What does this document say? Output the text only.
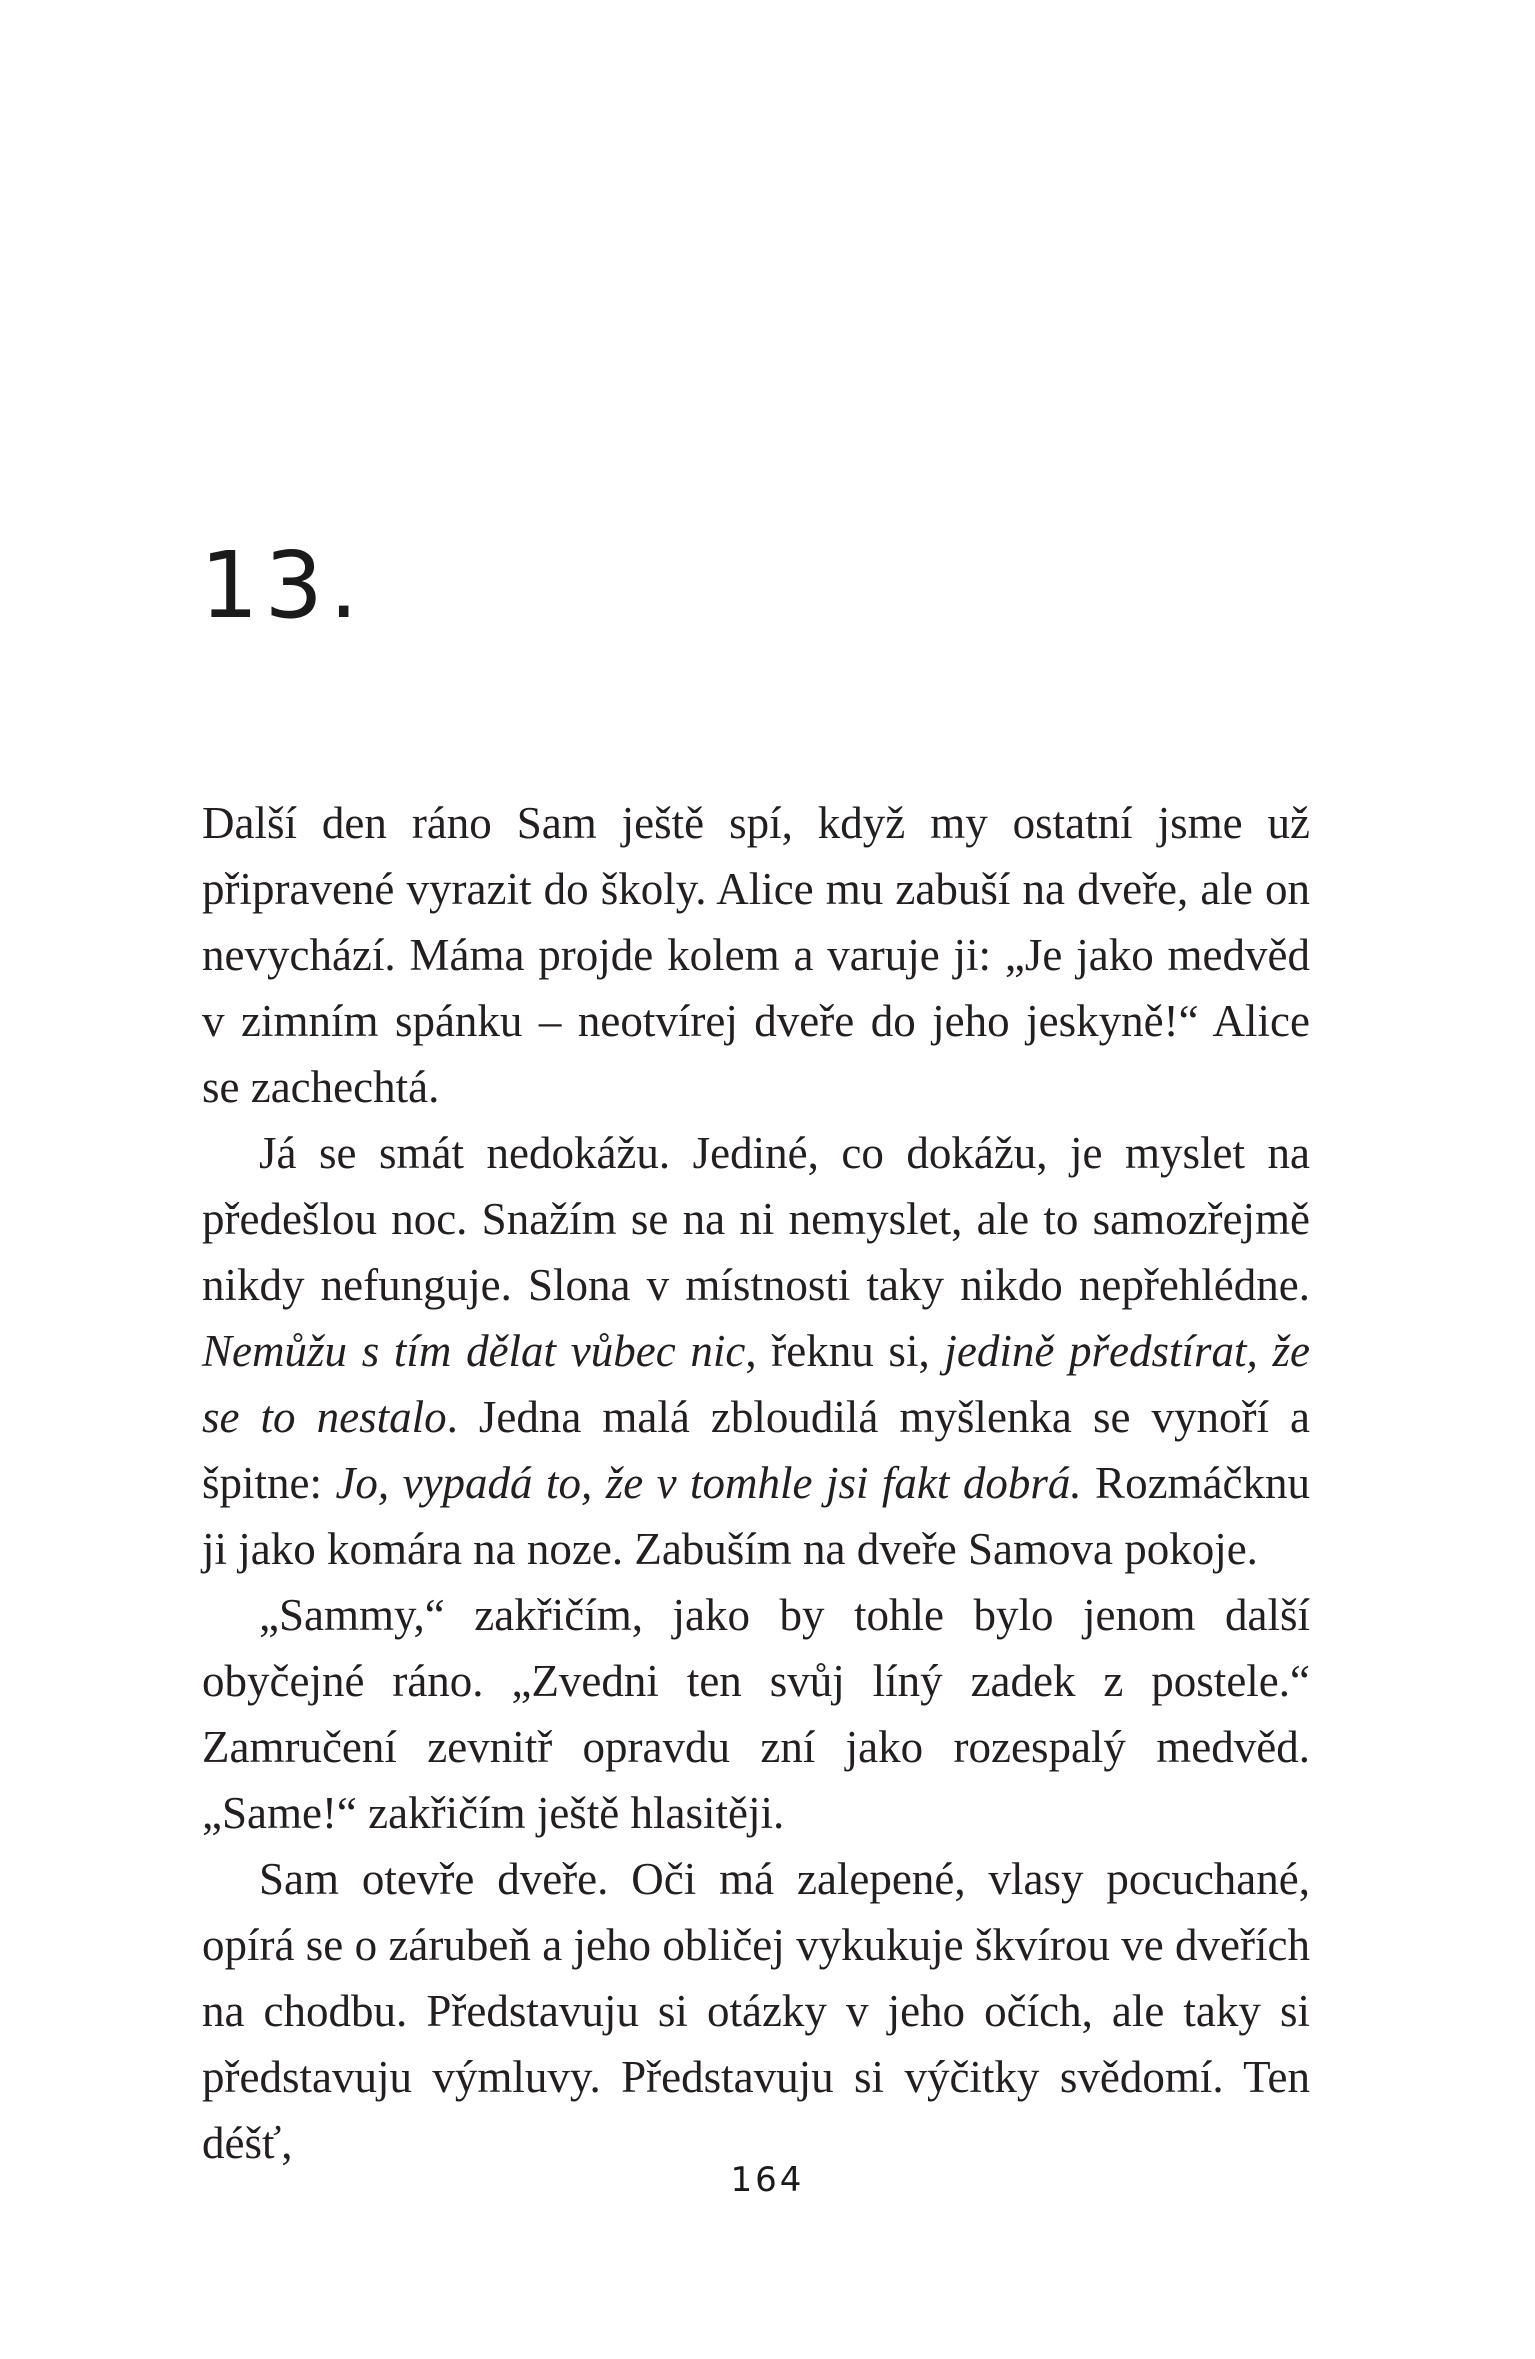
13.

Další den ráno Sam ještě spí, když my ostatní jsme už připravené vyrazit do školy. Alice mu zabuší na dveře, ale on nevychází. Máma projde kolem a varuje ji: „Je jako medvěd v zimním spánku – neotvírej dveře do jeho jeskyně!“ Alice se zachechtá.

Já se smát nedokážu. Jediné, co dokážu, je myslet na předešlou noc. Snažím se na ni nemyslet, ale to samozřejmě nikdy nefunguje. Slona v místnosti taky nikdo nepřehlédne. Nemůžu s tím dělat vůbec nic, řeknu si, jedině předstírat, že se to nestalo. Jedna malá zbloudilá myšlenka se vynoří a špitne: Jo, vypadá to, že v tomhle jsi fakt dobrá. Rozmáčknu ji jako komára na noze. Zabuším na dveře Samova pokoje.

„Sammy,“ zakřičím, jako by tohle bylo jenom další obyčejné ráno. „Zvedni ten svůj líný zadek z postele.“ Zamručení zevnitř opravdu zní jako rozespalý medvěd. „Same!“ zakřičím ještě hlasitěji.

Sam otevře dveře. Oči má zalepené, vlasy pocuchané, opírá se o zárubeň a jeho obličej vykukuje škvírou ve dveřích na chodbu. Představuju si otázky v jeho očích, ale taky si představuju výmluvy. Představuju si výčitky svědomí. Ten déšť,

164
